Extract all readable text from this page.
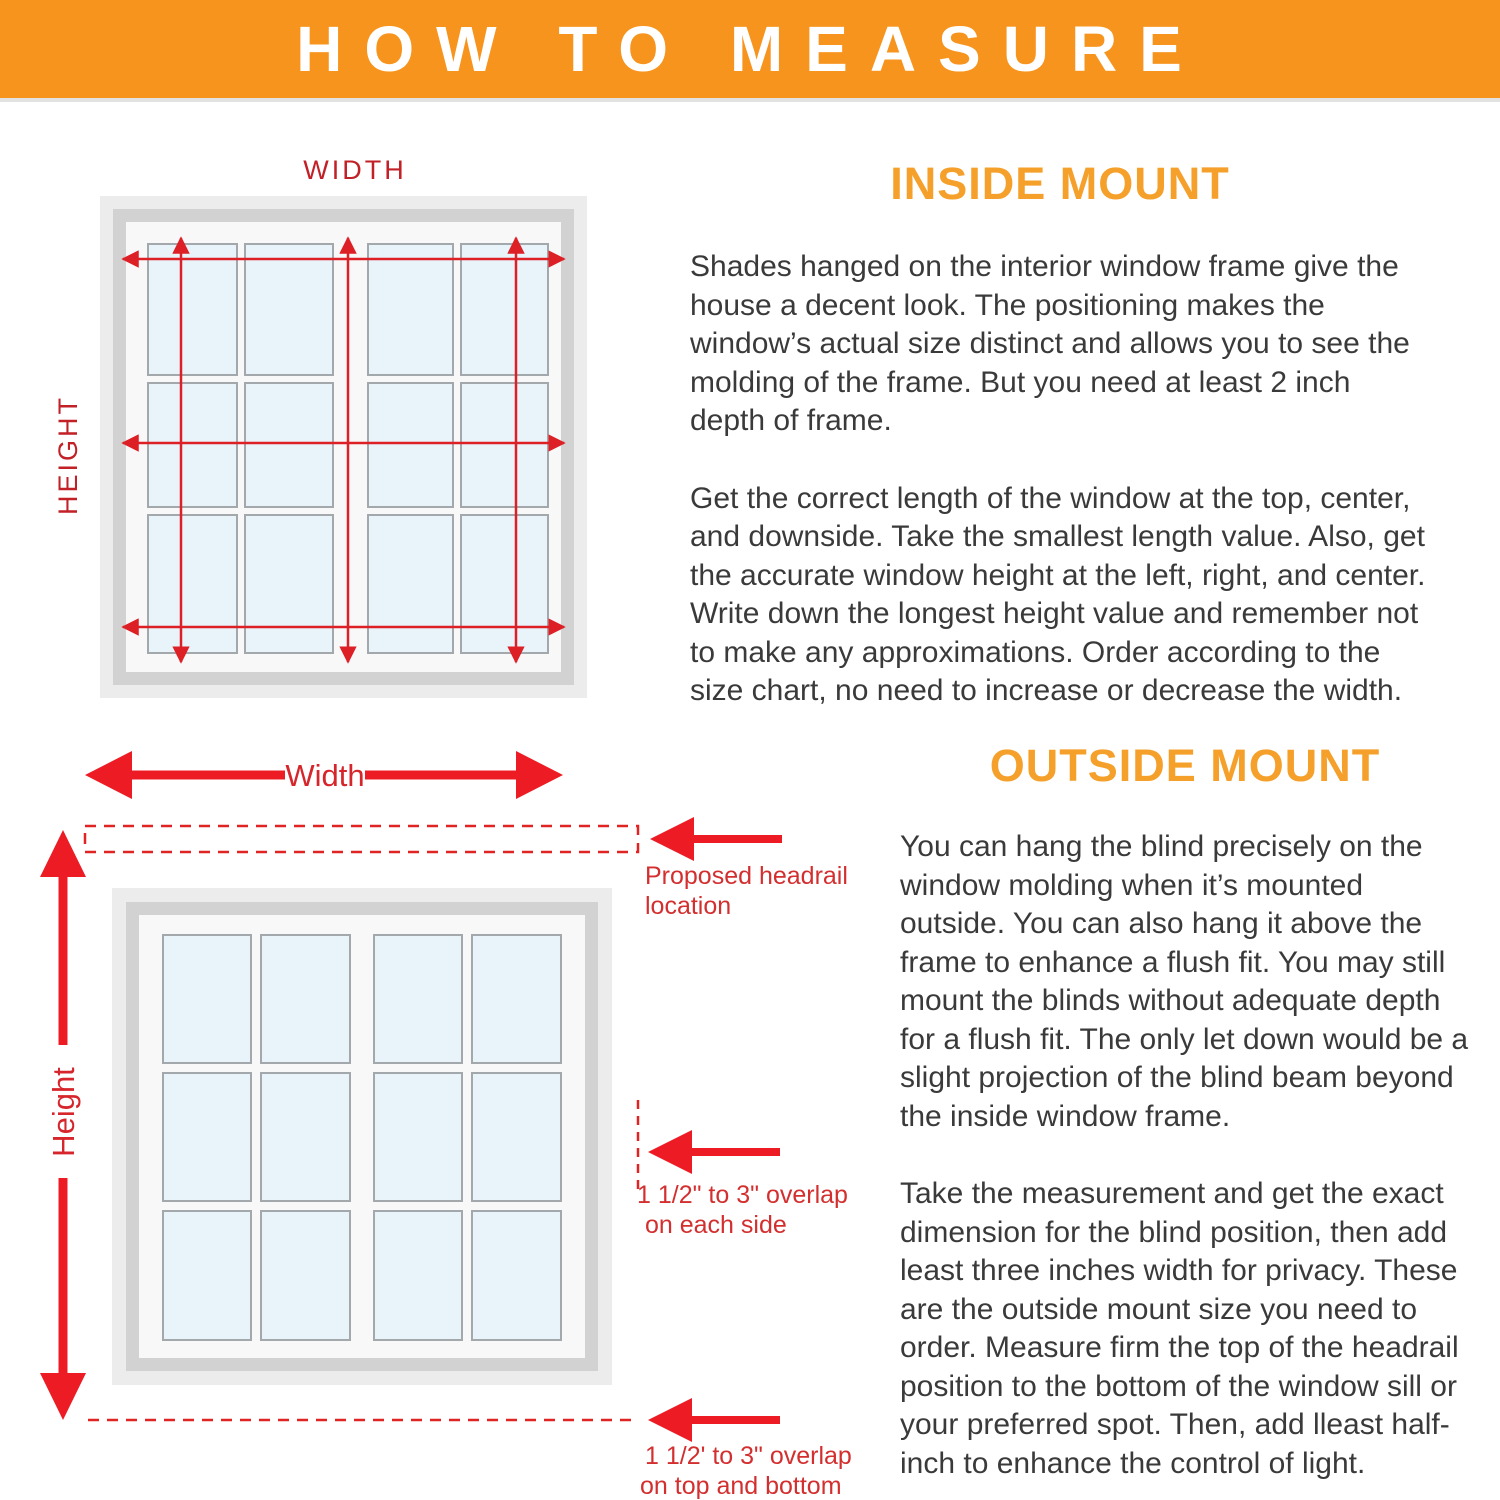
HOW TO MEASURE
INSIDE MOUNT

Shades hanged on the interior window frame give the house a decent look. The positioning makes the window’s actual size distinct and allows you to see the molding of the frame. But you need at least 2 inch depth of frame.

Get the correct length of the window at the top, center, and downside. Take the smallest length value. Also, get the accurate window height at the left, right, and center. Write down the longest height value and remember not to make any approximations. Order according to the size chart, no need to increase or decrease the width.

OUTSIDE MOUNT

You can hang the blind precisely on the window molding when it’s mounted outside. You can also hang it above the frame to enhance a flush fit. You may still mount the blinds without adequate depth for a flush fit. The only let down would be a slight projection of the blind beam beyond the inside window frame.

Take the measurement and get the exact dimension for the blind position, then add least three inches width for privacy. These are the outside mount size you need to order. Measure firm the top of the headrail position to the bottom of the window sill or your preferred spot. Then, add lleast half-inch to enhance the control of light.

WIDTH
HEIGHT
Width
Proposed headrail
location
Height
1 1/2" to 3" overlap
on each side
1 1/2' to 3" overlap
on top and bottom
